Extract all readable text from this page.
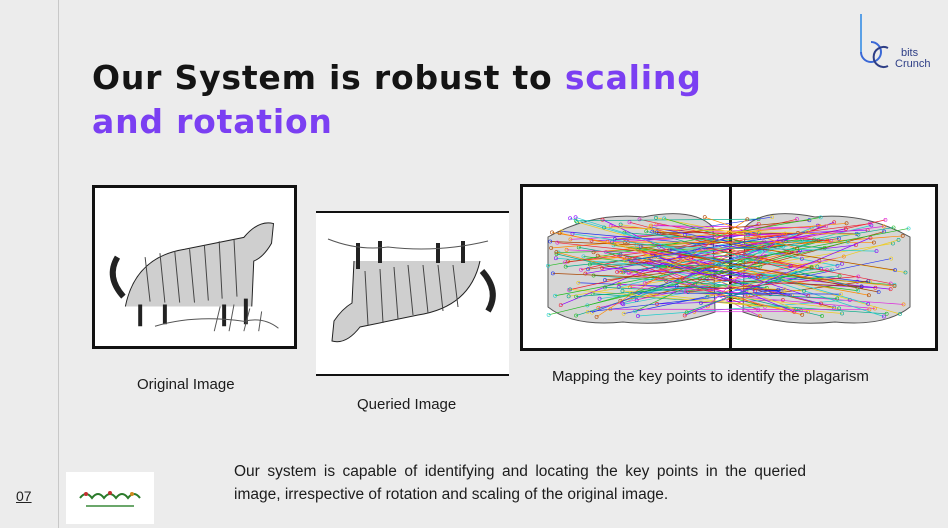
Our System is robust to scaling
and rotation
bits
Crunch
Original Image
Queried Image
Mapping the key points to identify the plagarism
Our system is capable of identifying and locating the key points in the queried image, irrespective of rotation and scaling of the original image.
07
